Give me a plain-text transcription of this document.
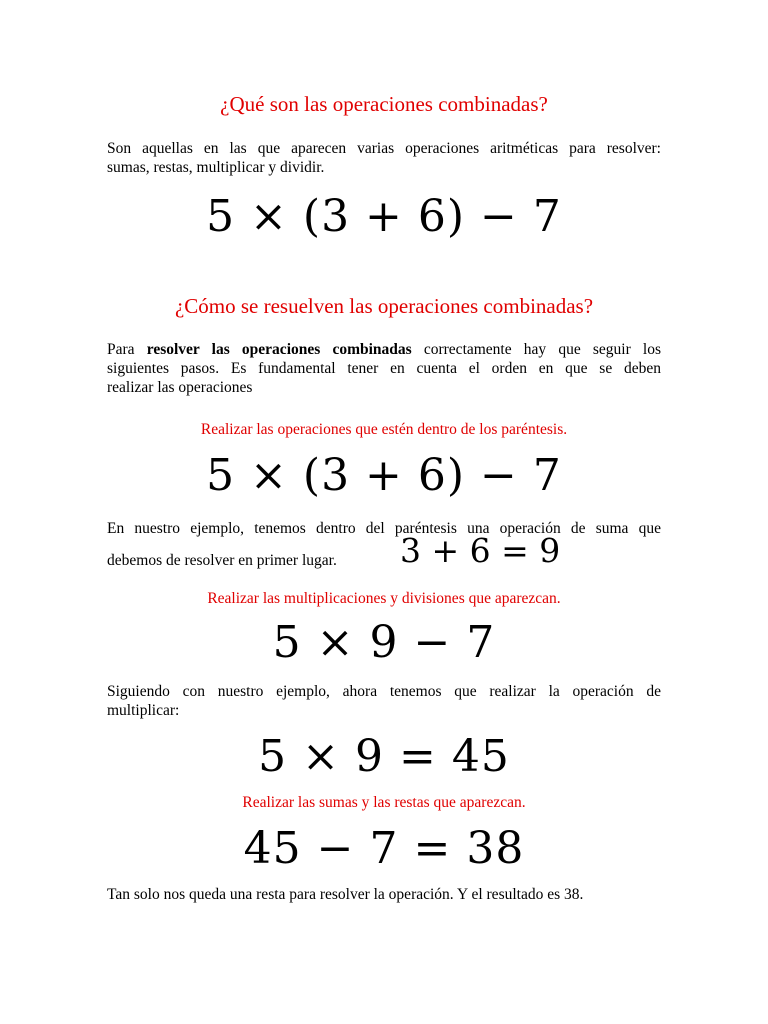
¿Qué son las operaciones combinadas?

Son aquellas en las que aparecen varias operaciones aritméticas para resolver:
sumas, restas, multiplicar y dividir.

5 × (3 + 6) − 7
¿Cómo se resuelven las operaciones combinadas?

Para resolver las operaciones combinadas correctamente hay que seguir los
siguientes pasos. Es fundamental tener en cuenta el orden en que se deben
realizar las operaciones

Realizar las operaciones que estén dentro de los paréntesis.
5 × (3 + 6) − 7

En nuestro ejemplo, tenemos dentro del paréntesis una operación de suma que

debemos de resolver en primer lugar.	3 + 6 = 9
Realizar las multiplicaciones y divisiones que aparezcan.
5 × 9 − 7

Siguiendo con nuestro ejemplo, ahora tenemos que realizar la operación de
multiplicar:

5 × 9 = 45
Realizar las sumas y las restas que aparezcan.
45 − 7 = 38

Tan solo nos queda una resta para resolver la operación. Y el resultado es 38.
